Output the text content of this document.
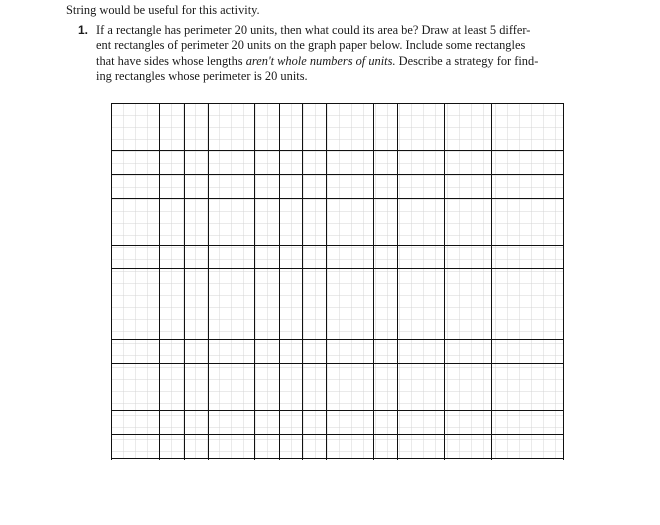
String would be useful for this activity.
1. If a rectangle has perimeter 20 units, then what could its area be? Draw at least 5 differ-
ent rectangles of perimeter 20 units on the graph paper below. Include some rectangles
that have sides whose lengths aren't whole numbers of units. Describe a strategy for find-
ing rectangles whose perimeter is 20 units.
